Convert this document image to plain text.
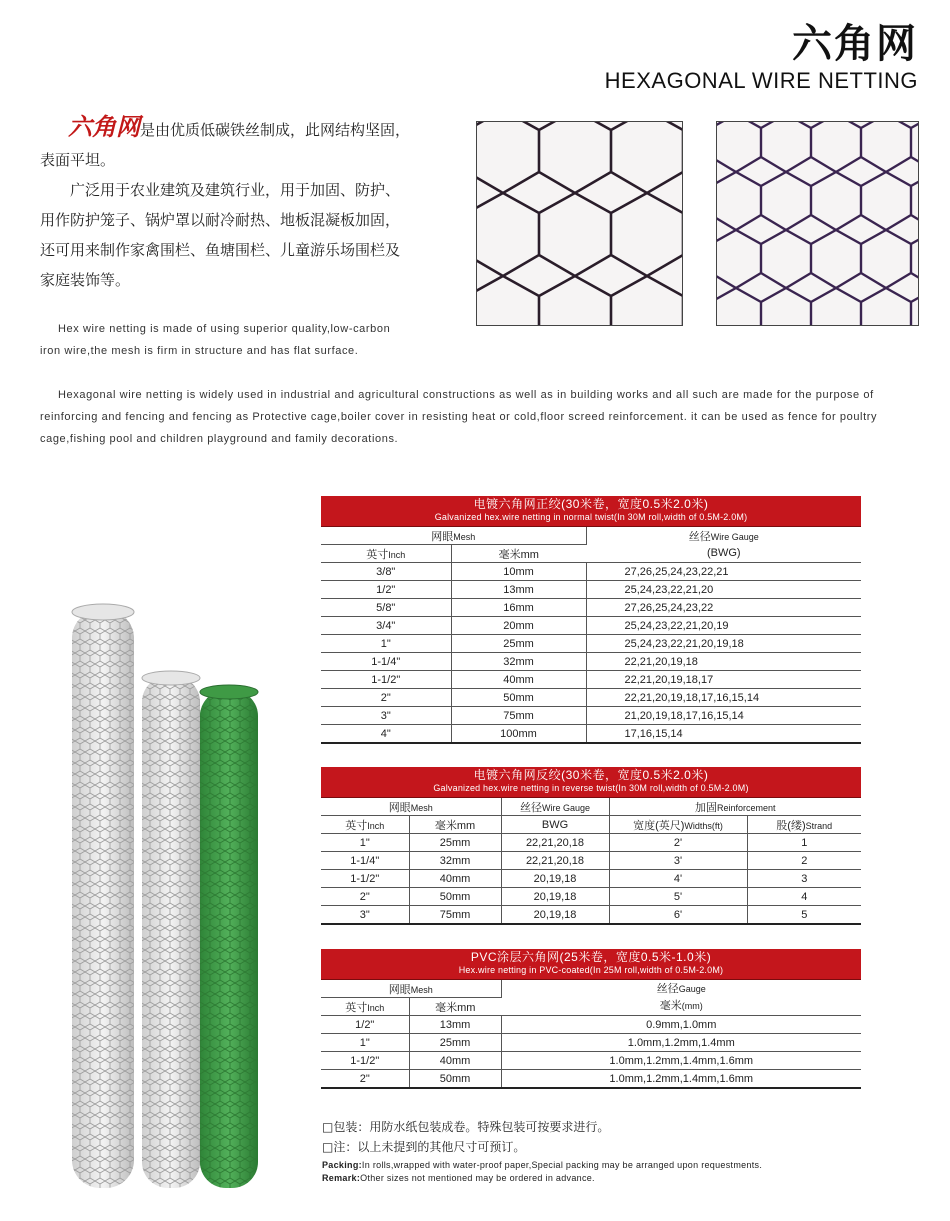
六角网
HEXAGONAL WIRE NETTING

六角网是由优质低碳铁丝制成，此网结构坚固，表面平坦。

广泛用于农业建筑及建筑行业，用于加固、防护、用作防护笼子、锅炉罩以耐冷耐热、地板混凝板加固，还可用来制作家禽围栏、鱼塘围栏、儿童游乐场围栏及家庭装饰等。

Hex wire netting is made of using superior quality,low-carbon iron wire,the mesh is firm in structure and has flat surface.
Hexagonal wire netting is widely used in industrial and agricultural constructions as well as in building works and all such are made for the purpose of reinforcing and fencing and fencing as Protective cage,boiler cover in resisting heat or cold,floor screed reinforcement. it can be used as fence for poultry cage,fishing pool and children playground and family decorations.
电镀六角网正绞(30米卷，宽度0.5米2.0米)
Galvanized hex.wire netting in normal twist(In 30M roll,width of 0.5M-2.0M)
网眼Mesh		丝径Wire Gauge
(BWG)
英寸Inch	毫米mm	
3/8"	10mm	27,26,25,24,23,22,21
1/2"	13mm	25,24,23,22,21,20
5/8"	16mm	27,26,25,24,23,22
3/4"	20mm	25,24,23,22,21,20,19
1"	25mm	25,24,23,22,21,20,19,18
1-1/4"	32mm	22,21,20,19,18
1-1/2"	40mm	22,21,20,19,18,17
2"	50mm	22,21,20,19,18,17,16,15,14
3"	75mm	21,20,19,18,17,16,15,14
4"	100mm	17,16,15,14
电镀六角网反绞(30米卷，宽度0.5米2.0米)
Galvanized hex.wire netting in reverse twist(In 30M roll,width of 0.5M-2.0M)
网眼Mesh		丝径Wire Gauge	加固Reinforcement	
英寸Inch	毫米mm	BWG	宽度(英尺)Widths(ft)	股(缕)Strand
1"	25mm	22,21,20,18	2'	1
1-1/4"	32mm	22,21,20,18	3'	2
1-1/2"	40mm	20,19,18	4'	3
2"	50mm	20,19,18	5'	4
3"	75mm	20,19,18	6'	5
PVC涂层六角网(25米卷，宽度0.5米-1.0米)
Hex.wire netting in PVC-coated(In 25M roll,width of 0.5M-2.0M)
网眼Mesh		丝径Gauge
毫米(mm)
英寸Inch	毫米mm	
1/2"	13mm	0.9mm,1.0mm
1"	25mm	1.0mm,1.2mm,1.4mm
1-1/2"	40mm	1.0mm,1.2mm,1.4mm,1.6mm
2"	50mm	1.0mm,1.2mm,1.4mm,1.6mm
□包装：用防水纸包装成卷。特殊包装可按要求进行。
□注：以上未提到的其他尺寸可预订。
Packing:In rolls,wrapped with water-proof paper,Special packing may be arranged upon requestments.
Remark:Other sizes not mentioned may be ordered in advance.
